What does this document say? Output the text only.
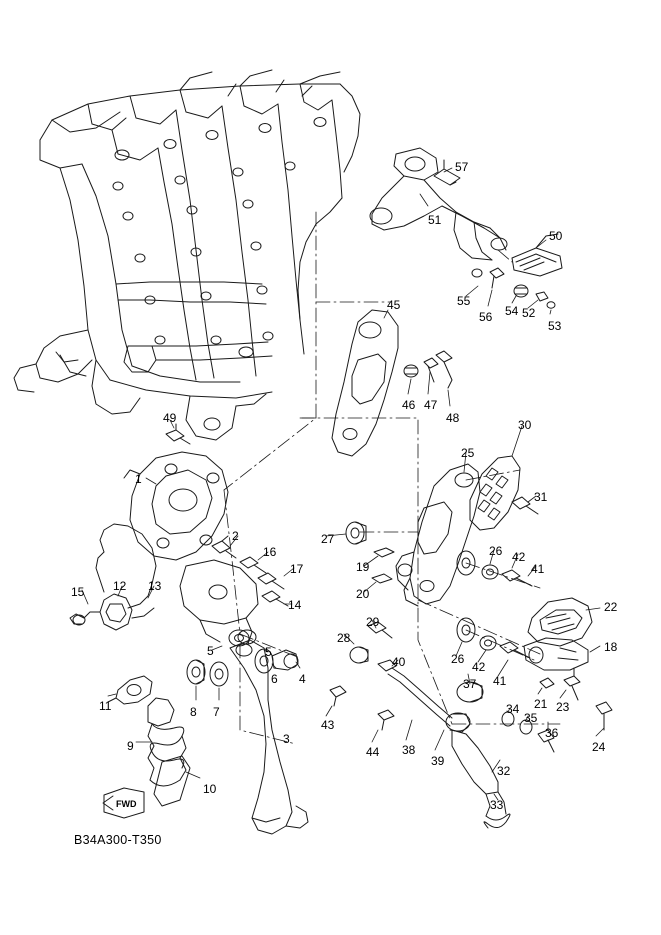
1
2
3
4
5	5
6
7
8
9
10
11
12 13
14
15
16
17
18
19
20
21
22
23
24
25
26
26
27
28
29
30
31
32
33
34
35
36
37
38
39
40
41
41
42
42
43
44
45
46 47
48
49
50
51
52
53
54
55
56
57
FWD
B34A300-T350
